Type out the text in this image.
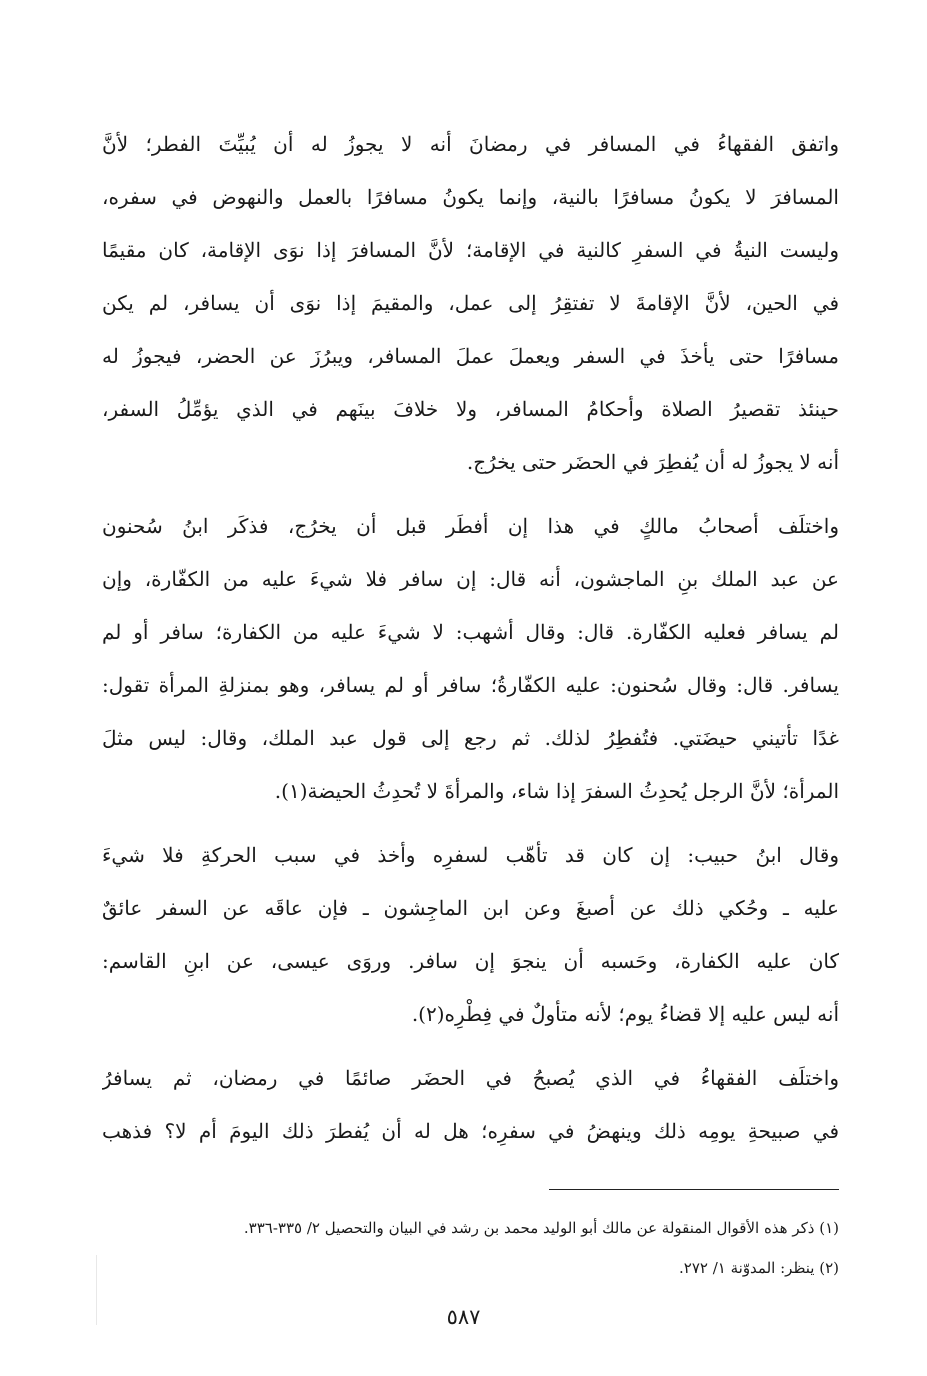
واتفق الفقهاءُ في المسافر في رمضانَ أنه لا يجوزُ له أن يُبيِّتَ الفطر؛ لأنَّ
المسافرَ لا يكونُ مسافرًا بالنية، وإنما يكونُ مسافرًا بالعمل والنهوض في سفره،
وليست النيةُ في السفرِ كالنية في الإقامة؛ لأنَّ المسافرَ إذا نوَى الإقامة، كان مقيمًا
في الحين، لأنَّ الإقامةَ لا تفتقِرُ إلى عمل، والمقيمَ إذا نوَى أن يسافر، لم يكن
مسافرًا حتى يأخذَ في السفر ويعملَ عملَ المسافر، ويبرُزَ عن الحضر، فيجوزُ له
حينئذ تقصيرُ الصلاة وأحكامُ المسافر، ولا خلافَ بينَهم في الذي يؤمِّلُ السفر،
أنه لا يجوزُ له أن يُفطِرَ في الحضَر حتى يخرُج.
واختلَف أصحابُ مالكٍ في هذا إن أفطَر قبل أن يخرُج، فذكَر ابنُ سُحنون
عن عبد الملك بنِ الماجشون، أنه قال: إن سافر فلا شيءَ عليه من الكفّارة، وإن
لم يسافر فعليه الكفّارة. قال: وقال أشهب: لا شيءَ عليه من الكفارة؛ سافر أو لم
يسافر. قال: وقال سُحنون: عليه الكفّارةُ؛ سافر أو لم يسافر، وهو بمنزلةِ المرأة تقول:
غدًا تأتيني حيضَتي. فتُفطِرُ لذلك. ثم رجع إلى قول عبد الملك، وقال: ليس مثلَ
المرأة؛ لأنَّ الرجل يُحدِثُ السفرَ إذا شاء، والمرأةَ لا تُحدِثُ الحيضة(١).
وقال ابنُ حبيب: إن كان قد تأهّب لسفرِه وأخذ في سبب الحركةِ فلا شيءَ
عليه ـ وحُكي ذلك عن أصبغَ وعن ابن الماجِشون ـ فإن عاقَه عن السفر عائقٌ
كان عليه الكفارة، وحَسبه أن ينجوَ إن سافر. وروَى عيسى، عن ابنِ القاسم:
أنه ليس عليه إلا قضاءُ يوم؛ لأنه متأولٌ في فِطْرِه(٢).
واختلَف الفقهاءُ في الذي يُصبحُ في الحضَر صائمًا في رمضان، ثم يسافرُ
في صبيحةِ يومِه ذلك وينهضُ في سفرِه؛ هل له أن يُفطرَ ذلك اليومَ أم لا؟ فذهب
(١) ذكر هذه الأقوال المنقولة عن مالك أبو الوليد محمد بن رشد في البيان والتحصيل ٢/ ٣٣٥-٣٣٦.
(٢) ينظر: المدوّنة ١/ ٢٧٢.
٥٨٧
